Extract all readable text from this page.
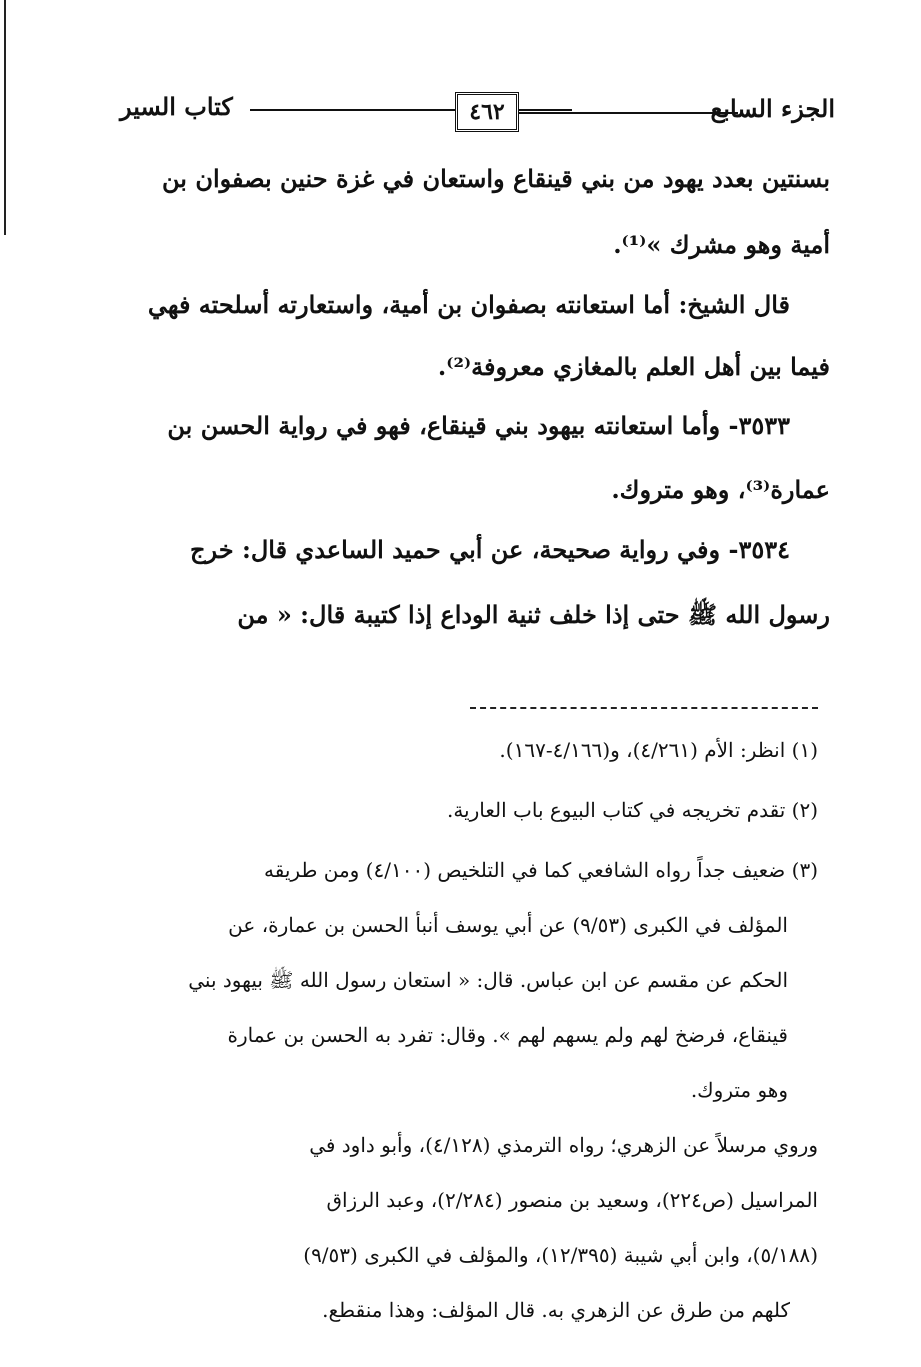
كتاب السير	٤٦٢	الجزء السابع
بسنتين بعدد يهود من بني قينقاع واستعان في غزة حنين بصفوان بن
أمية وهو مشرك »⁽¹⁾.
قال الشيخ: أما استعانته بصفوان بن أمية، واستعارته أسلحته فهي
فيما بين أهل العلم بالمغازي معروفة⁽²⁾.
٣٥٣٣- وأما استعانته بيهود بني قينقاع، فهو في رواية الحسن بن
عمارة⁽³⁾، وهو متروك.
٣٥٣٤- وفي رواية صحيحة، عن أبي حميد الساعدي قال: خرج
رسول الله ﷺ حتى إذا خلف ثنية الوداع إذا كتيبة قال: « من
(١) انظر: الأم (٤/٢٦١)، و(٤/١٦٦-١٦٧).
(٢) تقدم تخريجه في كتاب البيوع باب العارية.
(٣) ضعيف جداً رواه الشافعي كما في التلخيص (٤/١٠٠) ومن طريقه
المؤلف في الكبرى (٩/٥٣) عن أبي يوسف أنبأ الحسن بن عمارة، عن
الحكم عن مقسم عن ابن عباس. قال: « استعان رسول الله ﷺ بيهود بني
قينقاع، فرضخ لهم ولم يسهم لهم ». وقال: تفرد به الحسن بن عمارة
وهو متروك.
وروي مرسلاً عن الزهري؛ رواه الترمذي (٤/١٢٨)، وأبو داود في
المراسيل (ص٢٢٤)، وسعيد بن منصور (٢/٢٨٤)، وعبد الرزاق
(٥/١٨٨)، وابن أبي شيبة (١٢/٣٩٥)، والمؤلف في الكبرى (٩/٥٣)
كلهم من طرق عن الزهري به. قال المؤلف: وهذا منقطع.
